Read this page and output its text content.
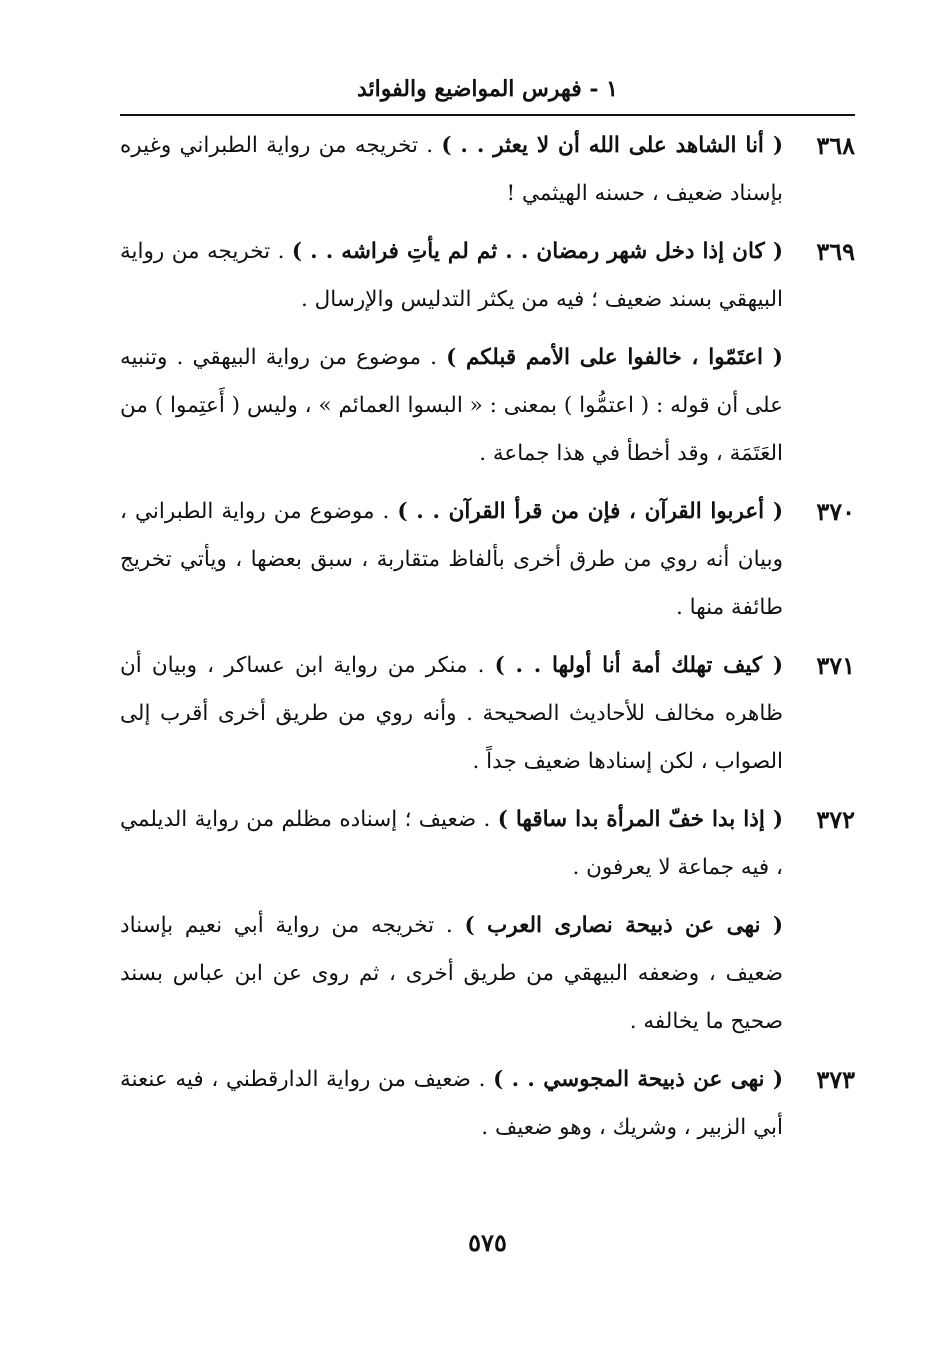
١ - فهرس المواضيع والفوائد
٣٦٨

( أنا الشاهد على الله أن لا يعثر . . ) . تخريجه من رواية الطبراني وغيره بإسناد ضعيف ، حسنه الهيثمي !

٣٦٩

( كان إذا دخل شهر رمضان . . ثم لم يأتِ فراشه . . ) . تخريجه من رواية البيهقي بسند ضعيف ؛ فيه من يكثر التدليس والإرسال .

( اعتَمّوا ، خالفوا على الأمم قبلكم ) . موضوع من رواية البيهقي . وتنبيه على أن قوله : ( اعتمُّوا ) بمعنى : « البسوا العمائم » ، وليس ( أَعتِموا ) من العَتَمَة ، وقد أخطأ في هذا جماعة .

٣٧٠

( أعربوا القرآن ، فإن من قرأ القرآن . . ) . موضوع من رواية الطبراني ، وبيان أنه روي من طرق أخرى بألفاظ متقاربة ، سبق بعضها ، ويأتي تخريج طائفة منها .

٣٧١

( كيف تهلك أمة أنا أولها . . ) . منكر من رواية ابن عساكر ، وبيان أن ظاهره مخالف للأحاديث الصحيحة . وأنه روي من طريق أخرى أقرب إلى الصواب ، لكن إسنادها ضعيف جداً .

٣٧٢

( إذا بدا خفّ المرأة بدا ساقها ) . ضعيف ؛ إسناده مظلم من رواية الديلمي ، فيه جماعة لا يعرفون .

( نهى عن ذبيحة نصارى العرب ) . تخريجه من رواية أبي نعيم بإسناد ضعيف ، وضعفه البيهقي من طريق أخرى ، ثم روى عن ابن عباس بسند صحيح ما يخالفه .

٣٧٣

( نهى عن ذبيحة المجوسي . . ) . ضعيف من رواية الدارقطني ، فيه عنعنة أبي الزبير ، وشريك ، وهو ضعيف .

٥٧٥
